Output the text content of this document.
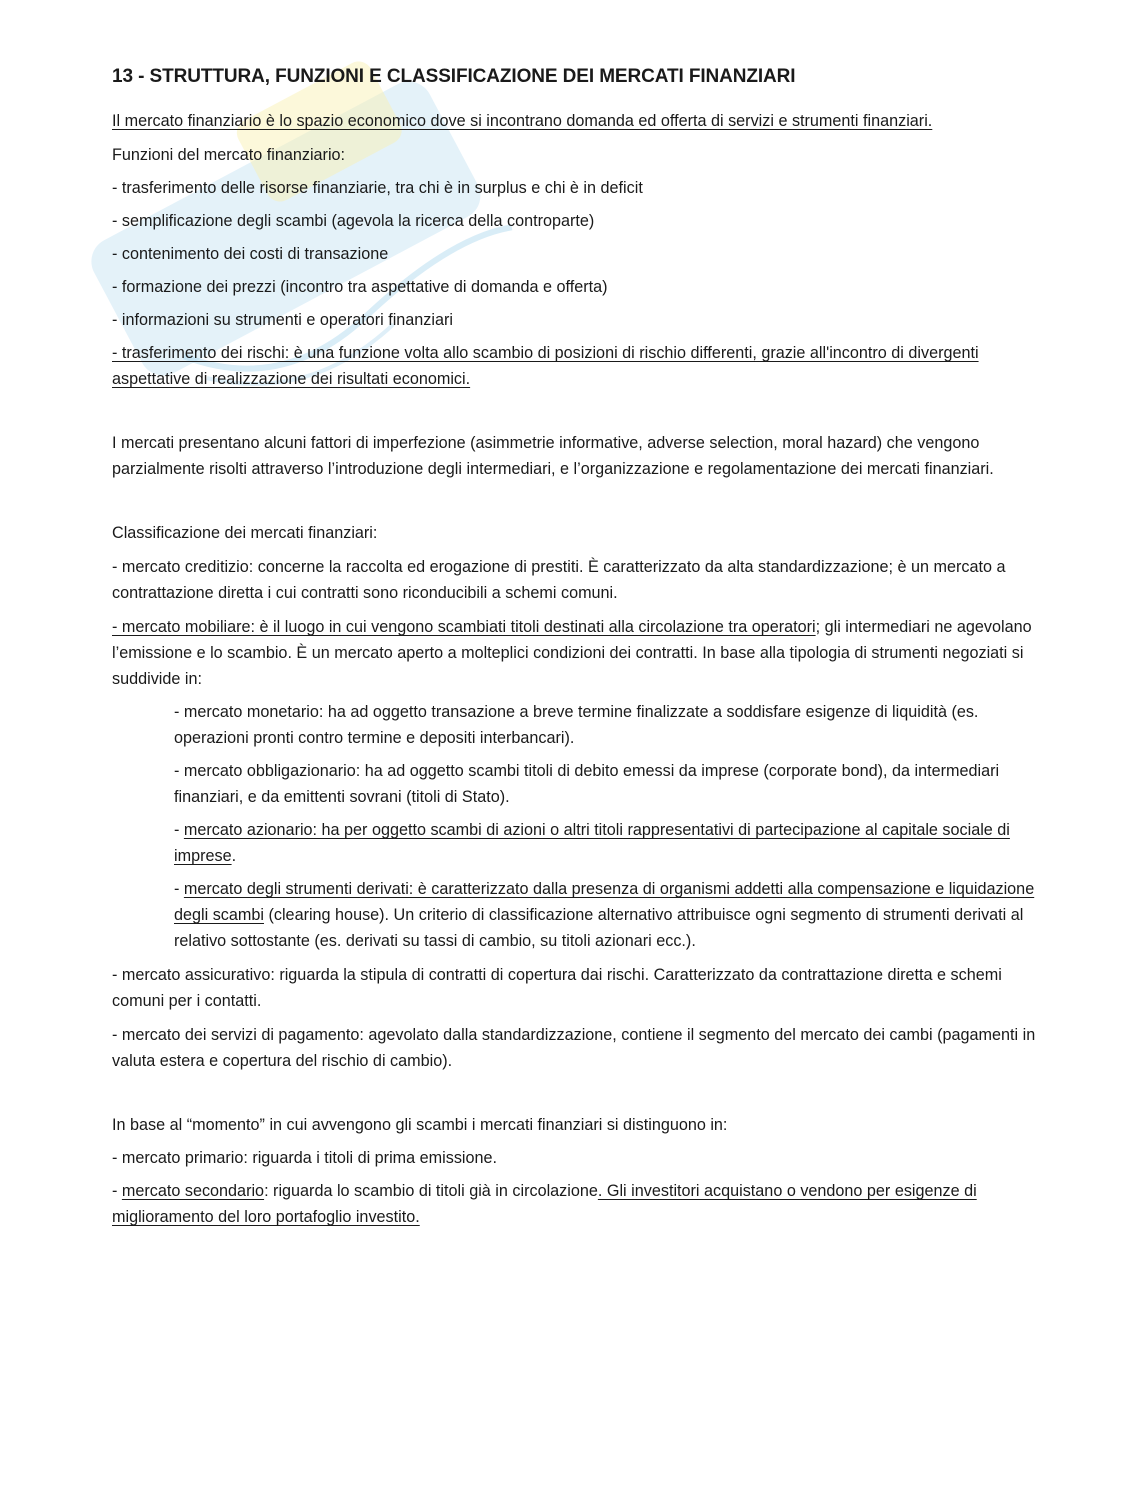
13 - STRUTTURA, FUNZIONI E CLASSIFICAZIONE DEI MERCATI FINANZIARI

Il mercato finanziario è lo spazio economico dove si incontrano domanda ed offerta di servizi e strumenti finanziari.

Funzioni del mercato finanziario:

- trasferimento delle risorse finanziarie, tra chi è in surplus e chi è in deficit

- semplificazione degli scambi (agevola la ricerca della controparte)

- contenimento dei costi di transazione

- formazione dei prezzi (incontro tra aspettative di domanda e offerta)

- informazioni su strumenti e operatori finanziari

- trasferimento dei rischi: è una funzione volta allo scambio di posizioni di rischio differenti, grazie all'incontro di divergenti aspettative di realizzazione dei risultati economici.

I mercati presentano alcuni fattori di imperfezione (asimmetrie informative, adverse selection, moral hazard) che vengono parzialmente risolti attraverso l’introduzione degli intermediari, e l’organizzazione e regolamentazione dei mercati finanziari.

Classificazione dei mercati finanziari:

- mercato creditizio: concerne la raccolta ed erogazione di prestiti. È caratterizzato da alta standardizzazione; è un mercato a contrattazione diretta i cui contratti sono riconducibili a schemi comuni.

- mercato mobiliare: è il luogo in cui vengono scambiati titoli destinati alla circolazione tra operatori; gli intermediari ne agevolano l’emissione e lo scambio. È un mercato aperto a molteplici condizioni dei contratti. In base alla tipologia di strumenti negoziati si suddivide in:

- mercato monetario: ha ad oggetto transazione a breve termine finalizzate a soddisfare esigenze di liquidità (es. operazioni pronti contro termine e depositi interbancari).

- mercato obbligazionario: ha ad oggetto scambi titoli di debito emessi da imprese (corporate bond), da intermediari finanziari, e da emittenti sovrani (titoli di Stato).

- mercato azionario: ha per oggetto scambi di azioni o altri titoli rappresentativi di partecipazione al capitale sociale di imprese.

- mercato degli strumenti derivati: è caratterizzato dalla presenza di organismi addetti alla compensazione e liquidazione degli scambi (clearing house). Un criterio di classificazione alternativo attribuisce ogni segmento di strumenti derivati al relativo sottostante (es. derivati su tassi di cambio, su titoli azionari ecc.).

- mercato assicurativo: riguarda la stipula di contratti di copertura dai rischi. Caratterizzato da contrattazione diretta e schemi comuni per i contatti.

- mercato dei servizi di pagamento: agevolato dalla standardizzazione, contiene il segmento del mercato dei cambi (pagamenti in valuta estera e copertura del rischio di cambio).

In base al “momento” in cui avvengono gli scambi i mercati finanziari si distinguono in:

- mercato primario: riguarda i titoli di prima emissione.

- mercato secondario: riguarda lo scambio di titoli già in circolazione. Gli investitori acquistano o vendono per esigenze di miglioramento del loro portafoglio investito.
